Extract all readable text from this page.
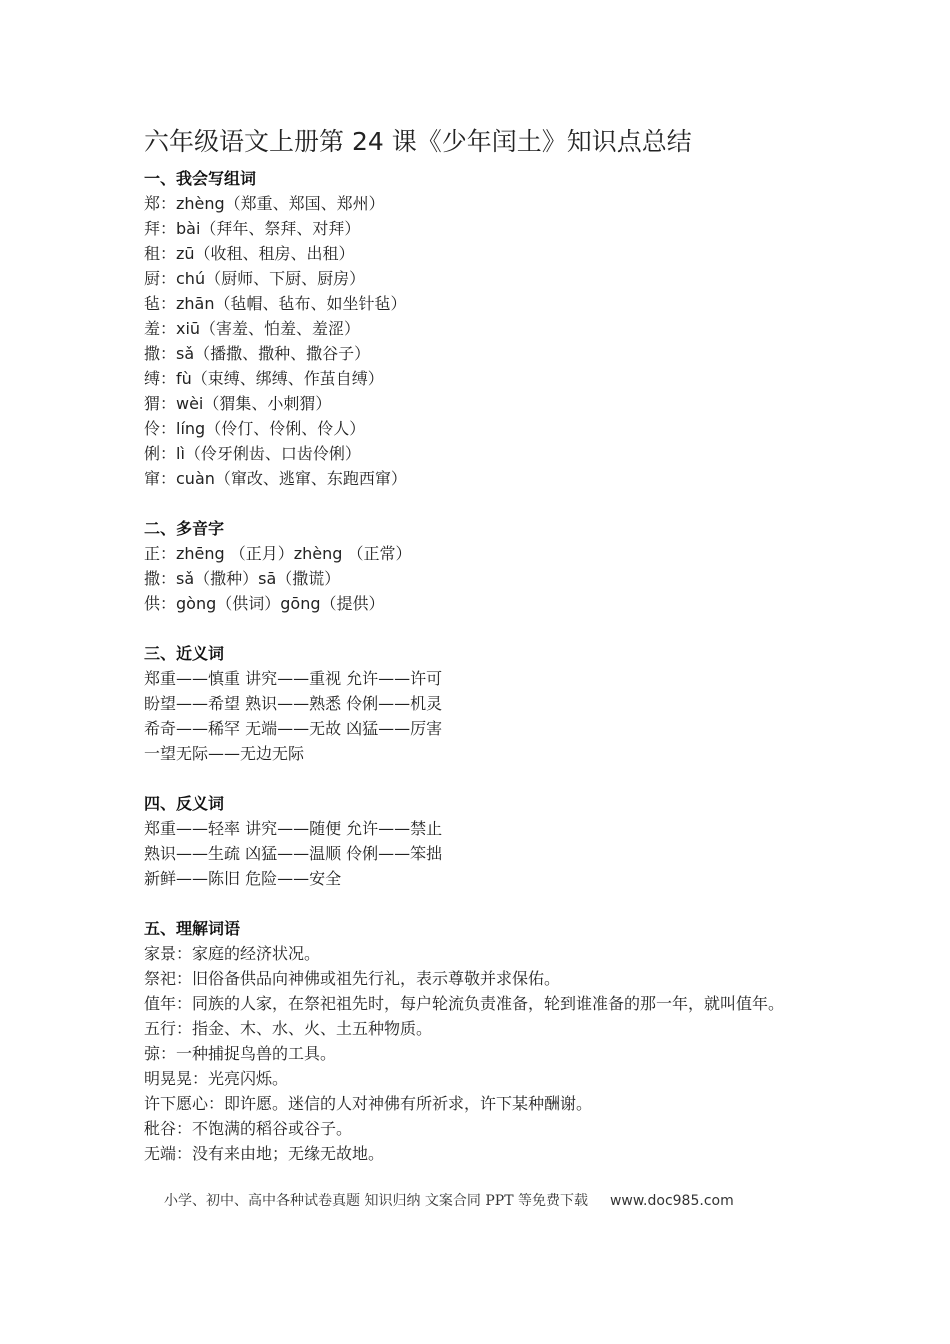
六年级语文上册第 24 课《少年闰土》知识点总结
一、我会写组词
郑：zhèng（郑重、郑国、郑州）
拜：bài（拜年、祭拜、对拜）
租：zū（收租、租房、出租）
厨：chú（厨师、下厨、厨房）
毡：zhān（毡帽、毡布、如坐针毡）
羞：xiū（害羞、怕羞、羞涩）
撒：sǎ（播撒、撒种、撒谷子）
缚：fù（束缚、绑缚、作茧自缚）
猬：wèi（猬集、小刺猬）
伶：líng（伶仃、伶俐、伶人）
俐：lì（伶牙俐齿、口齿伶俐）
窜：cuàn（窜改、逃窜、东跑西窜）
二、多音字
正：zhēng （正月）zhèng （正常）
撒：sǎ（撒种）sā（撒谎）
供：gòng（供词）gōng（提供）
三、近义词
郑重——慎重 讲究——重视 允许——许可
盼望——希望 熟识——熟悉 伶俐——机灵
希奇——稀罕 无端——无故 凶猛——厉害
一望无际——无边无际
四、反义词
郑重——轻率 讲究——随便 允许——禁止
熟识——生疏 凶猛——温顺 伶俐——笨拙
新鲜——陈旧 危险——安全
五、理解词语
家景：家庭的经济状况。
祭祀：旧俗备供品向神佛或祖先行礼，表示尊敬并求保佑。
值年：同族的人家，在祭祀祖先时，每户轮流负责准备，轮到谁准备的那一年，就叫值年。
五行：指金、木、水、火、土五种物质。
弶：一种捕捉鸟兽的工具。
明晃晃：光亮闪烁。
许下愿心：即许愿。迷信的人对神佛有所祈求，许下某种酬谢。
秕谷：不饱满的稻谷或谷子。
无端：没有来由地；无缘无故地。
小学、初中、高中各种试卷真题 知识归纳 文案合同 PPT 等免费下载 www.doc985.com
